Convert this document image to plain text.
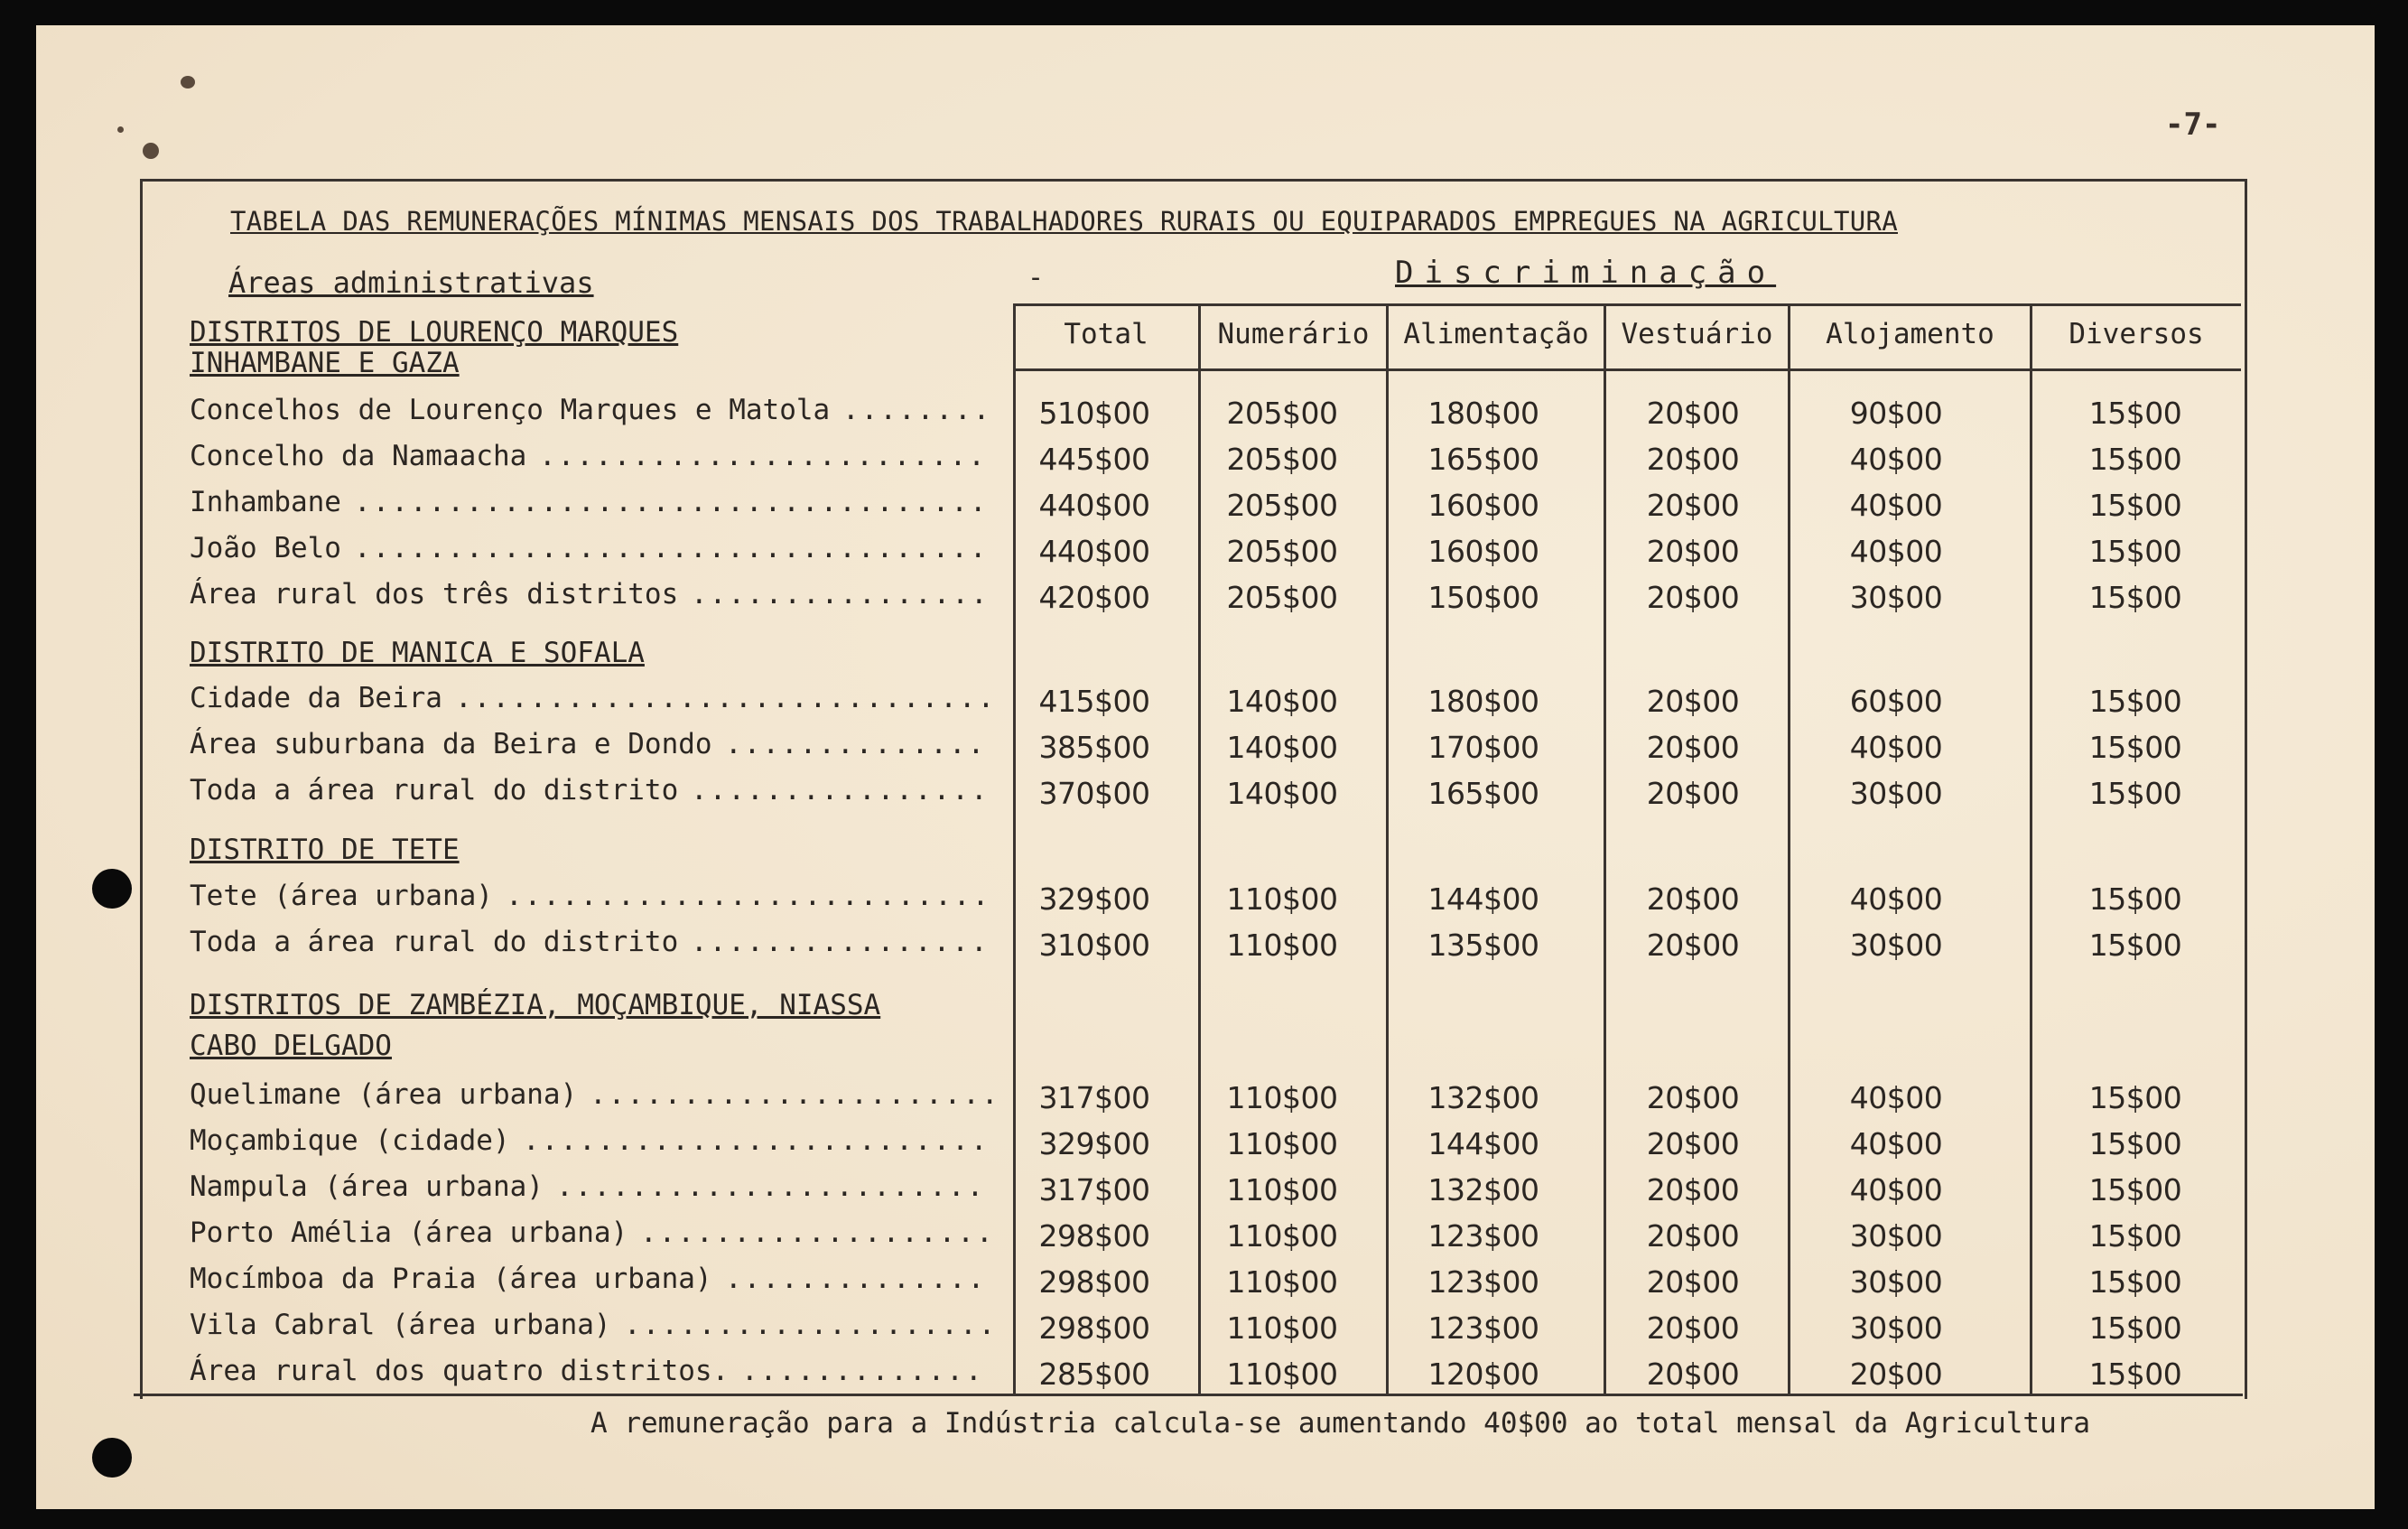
-7-
TABELA DAS REMUNERAÇÕES MÍNIMAS MENSAIS DOS TRABALHADORES RURAIS OU EQUIPARADOS EMPREGUES NA AGRICULTURA
Áreas administrativas	-	Discriminação
Total	Numerário	Alimentação	Vestuário	Alojamento	Diversos
DISTRITOS DE LOURENÇO MARQUES
INHAMBANE E GAZA
Concelhos de Lourenço Marques e Matola ........	510$00	205$00	180$00	20$00	90$00	15$00
Concelho da Namaacha ........................	445$00	205$00	165$00	20$00	40$00	15$00
Inhambane ..................................	440$00	205$00	160$00	20$00	40$00	15$00
João Belo ..................................	440$00	205$00	160$00	20$00	40$00	15$00
Área rural dos três distritos ................	420$00	205$00	150$00	20$00	30$00	15$00
DISTRITO DE MANICA E SOFALA
Cidade da Beira .............................	415$00	140$00	180$00	20$00	60$00	15$00
Área suburbana da Beira e Dondo ..............	385$00	140$00	170$00	20$00	40$00	15$00
Toda a área rural do distrito ................	370$00	140$00	165$00	20$00	30$00	15$00
DISTRITO DE TETE
Tete (área urbana) ..........................	329$00	110$00	144$00	20$00	40$00	15$00
Toda a área rural do distrito ................	310$00	110$00	135$00	20$00	30$00	15$00
DISTRITOS DE ZAMBÉZIA, MOÇAMBIQUE, NIASSA
CABO DELGADO
Quelimane (área urbana) ......................	317$00	110$00	132$00	20$00	40$00	15$00
Moçambique (cidade) .........................	329$00	110$00	144$00	20$00	40$00	15$00
Nampula (área urbana) .......................	317$00	110$00	132$00	20$00	40$00	15$00
Porto Amélia (área urbana) ...................	298$00	110$00	123$00	20$00	30$00	15$00
Mocímboa da Praia (área urbana) ..............	298$00	110$00	123$00	20$00	30$00	15$00
Vila Cabral (área urbana) ....................	298$00	110$00	123$00	20$00	30$00	15$00
Área rural dos quatro distritos. .............	285$00	110$00	120$00	20$00	20$00	15$00
A remuneração para a Indústria calcula-se aumentando 40$00 ao total mensal da Agricultura
